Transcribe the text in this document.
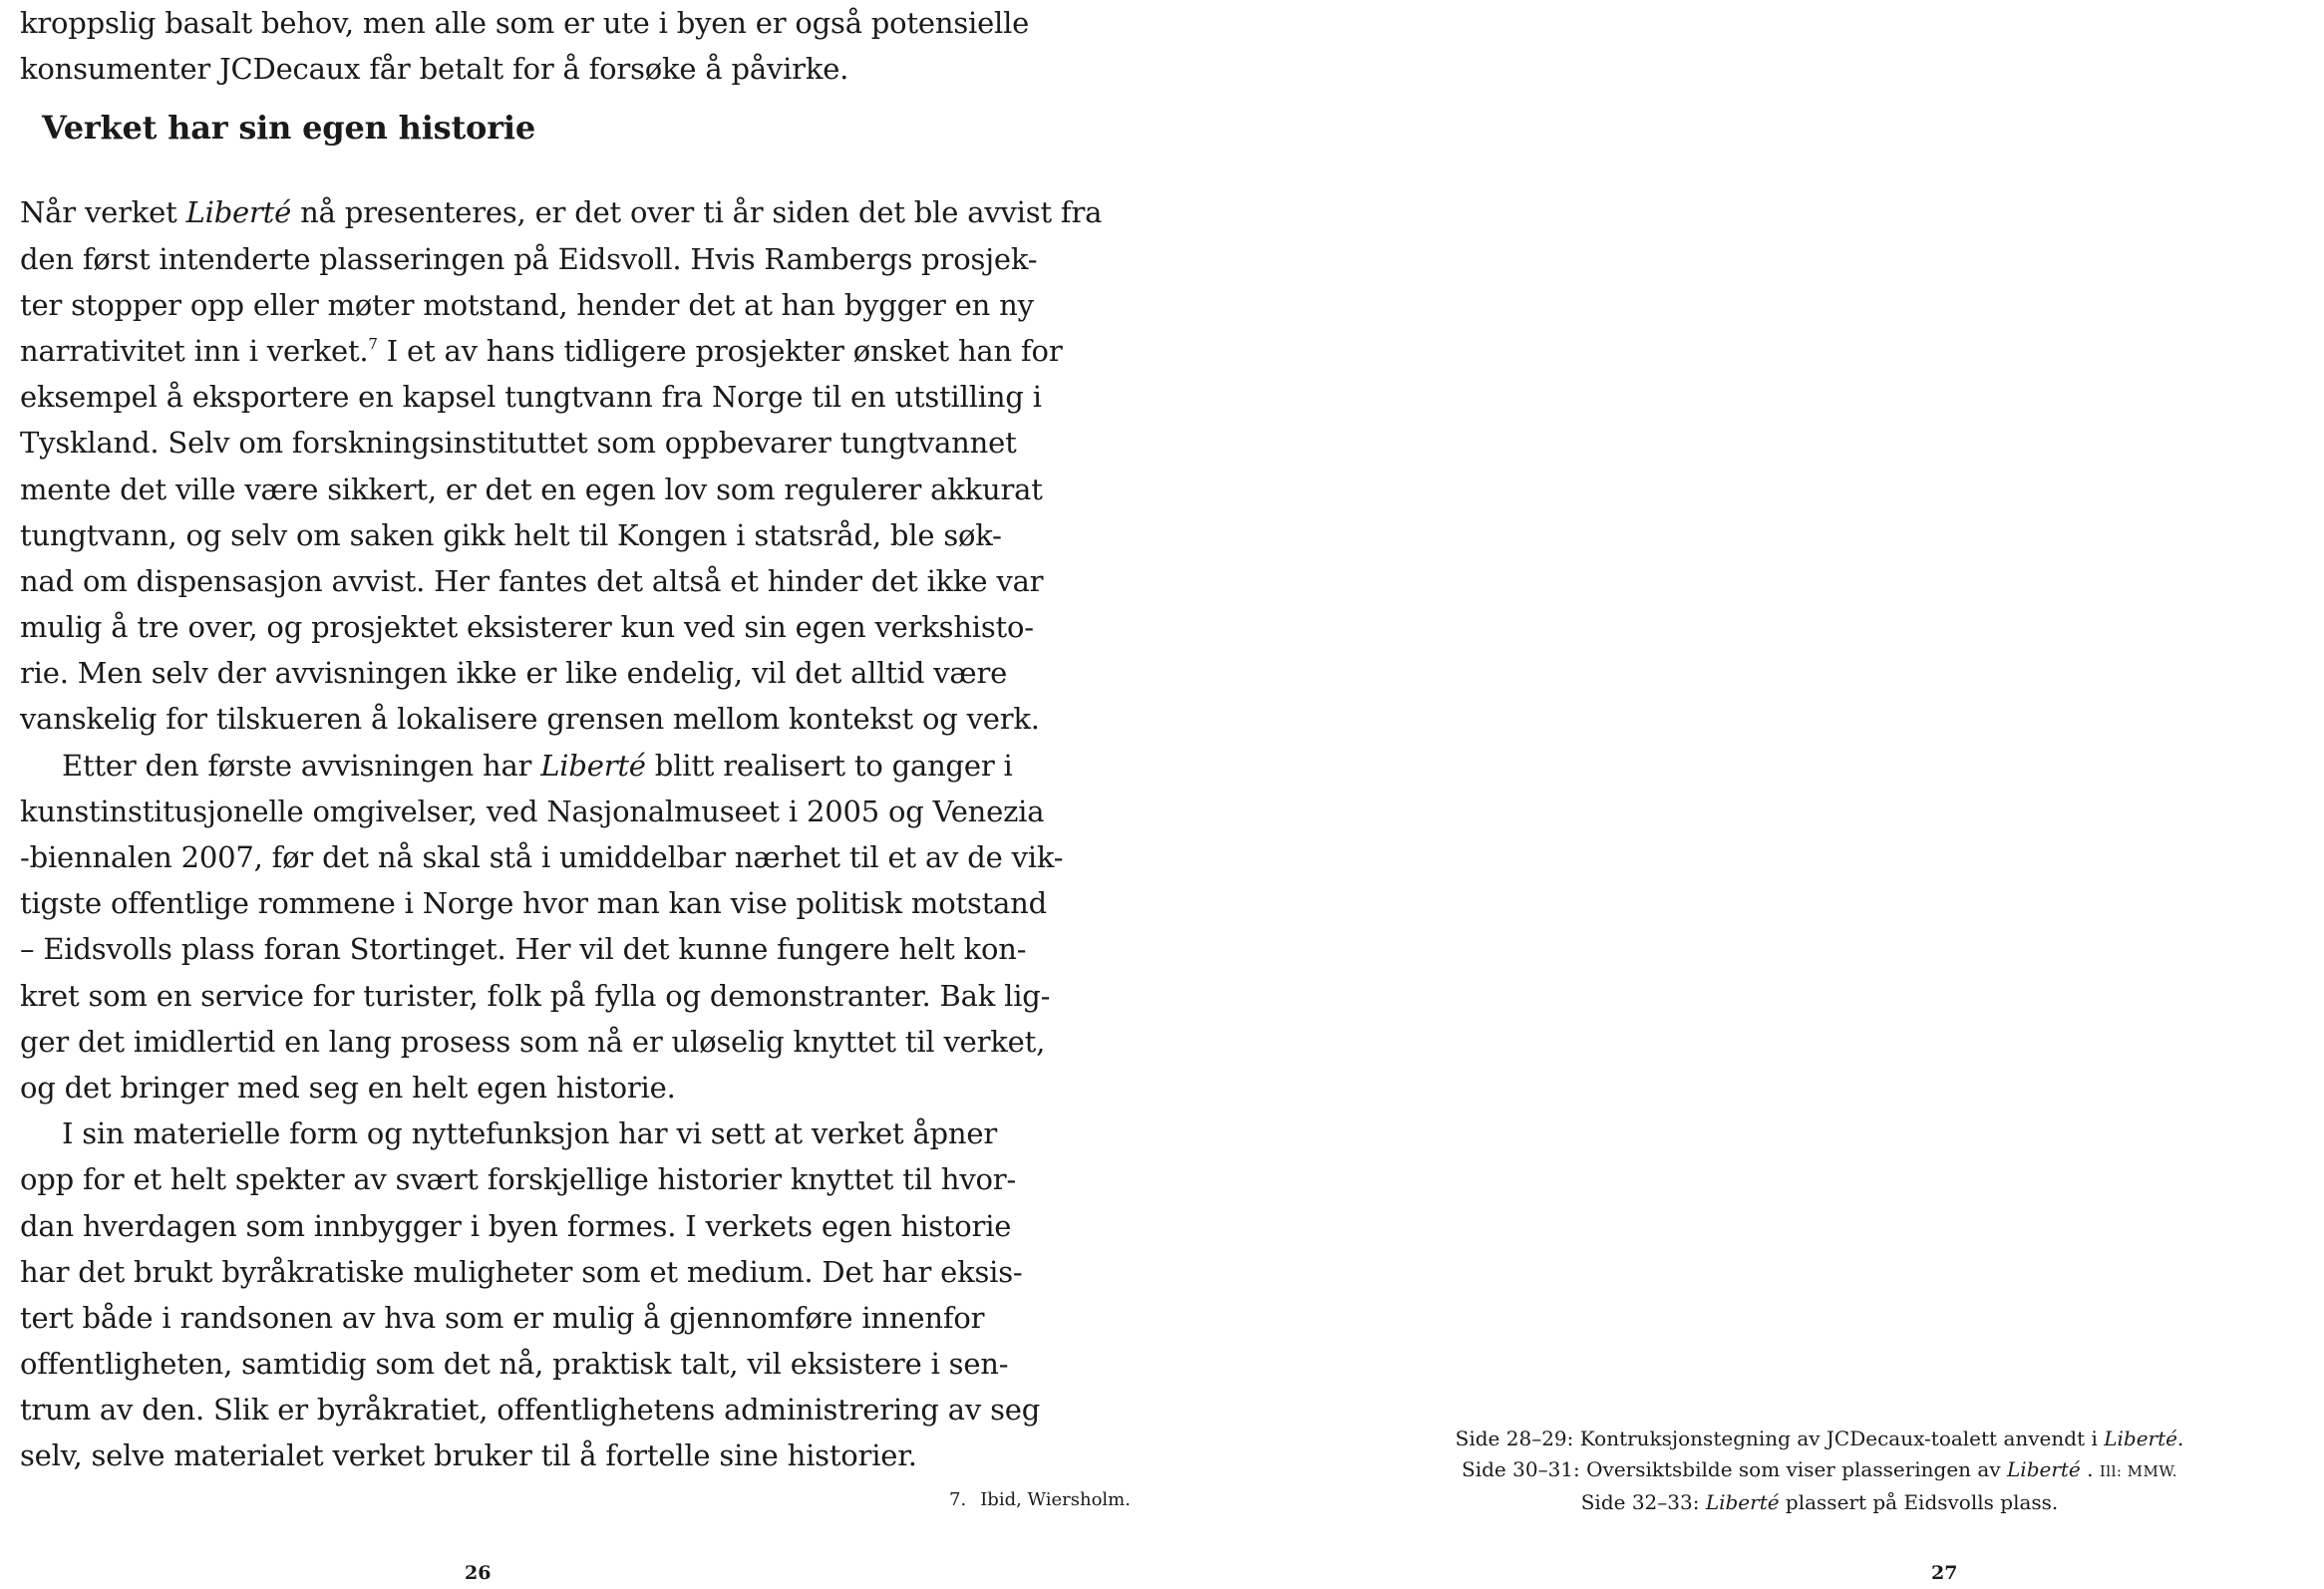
kroppslig basalt behov, men alle som er ute i byen er også potensielle
konsumenter JCDecaux får betalt for å forsøke å påvirke.
Verket har sin egen historie
Når verket Liberté nå presenteres, er det over ti år siden det ble avvist fra
den først intenderte plasseringen på Eidsvoll. Hvis Rambergs prosjek-
ter stopper opp eller møter motstand, hender det at han bygger en ny
narrativitet inn i verket.$^7$ I et av hans tidligere prosjekter ønsket han for
eksempel å eksportere en kapsel tungtvann fra Norge til en utstilling i
Tyskland. Selv om forskningsinstituttet som oppbevarer tungtvannet
mente det ville være sikkert, er det en egen lov som regulerer akkurat
tungtvann, og selv om saken gikk helt til Kongen i statsråd, ble søk-
nad om dispensasjon avvist. Her fantes det altså et hinder det ikke var
mulig å tre over, og prosjektet eksisterer kun ved sin egen verkshisto-
rie. Men selv der avvisningen ikke er like endelig, vil det alltid være
vanskelig for tilskueren å lokalisere grensen mellom kontekst og verk.
Etter den første avvisningen har Liberté blitt realisert to ganger i
kunstinstitusjonelle omgivelser, ved Nasjonalmuseet i 2005 og Venezia
-biennalen 2007, før det nå skal stå i umiddelbar nærhet til et av de vik-
tigste offentlige rommene i Norge hvor man kan vise politisk motstand
– Eidsvolls plass foran Stortinget. Her vil det kunne fungere helt kon-
kret som en service for turister, folk på fylla og demonstranter. Bak lig-
ger det imidlertid en lang prosess som nå er uløselig knyttet til verket,
og det bringer med seg en helt egen historie.
I sin materielle form og nyttefunksjon har vi sett at verket åpner
opp for et helt spekter av svært forskjellige historier knyttet til hvor-
dan hverdagen som innbygger i byen formes. I verkets egen historie
har det brukt byråkratiske muligheter som et medium. Det har eksis-
tert både i randsonen av hva som er mulig å gjennomføre innenfor
offentligheten, samtidig som det nå, praktisk talt, vil eksistere i sen-
trum av den. Slik er byråkratiet, offentlighetens administrering av seg
selv, selve materialet verket bruker til å fortelle sine historier.
7. Ibid, Wiersholm.
26
Side 28–29: Kontruksjonstegning av JCDecaux-toalett anvendt i Liberté.
Side 30–31: Oversiktsbilde som viser plasseringen av Liberté . Ill: MMW.
Side 32–33: Liberté plassert på Eidsvolls plass.
27
